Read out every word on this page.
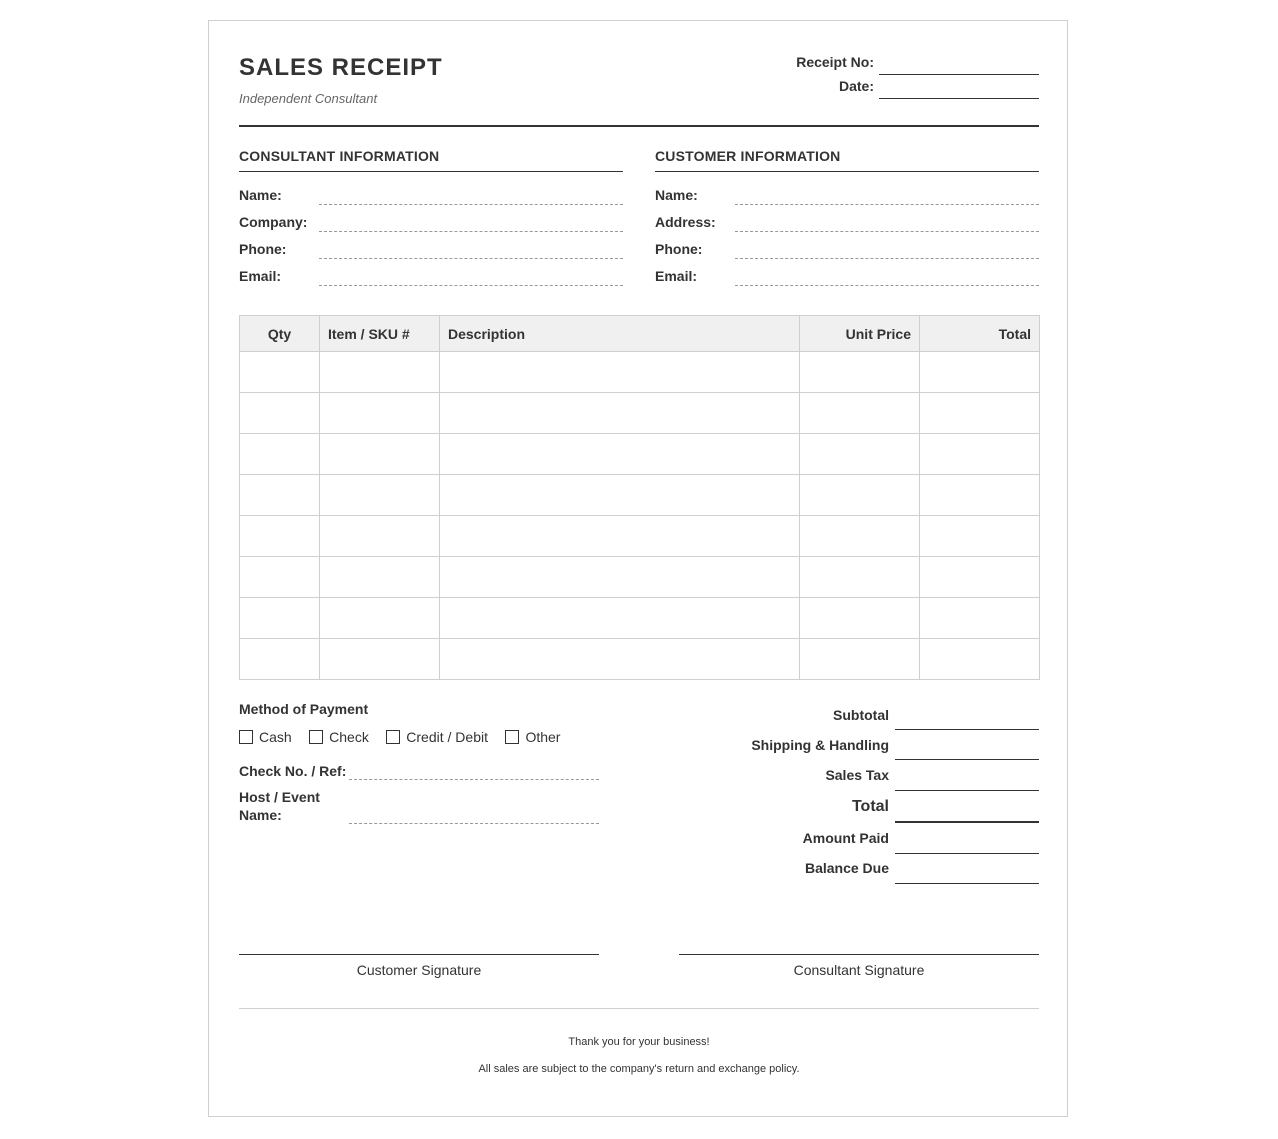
SALES RECEIPT
Independent Consultant
Receipt No:
Date:
CONSULTANT INFORMATION
Name:
Company:
Phone:
Email:
CUSTOMER INFORMATION
Name:
Address:
Phone:
Email:
Qty	Item / SKU #	Description	Unit Price	Total

Method of Payment
Cash	Check	Credit / Debit	Other
Check No. / Ref:
Host / Event
Name:
Subtotal
Shipping & Handling
Sales Tax
Total
Amount Paid
Balance Due
Customer Signature	Consultant Signature
Thank you for your business!
All sales are subject to the company's return and exchange policy.
